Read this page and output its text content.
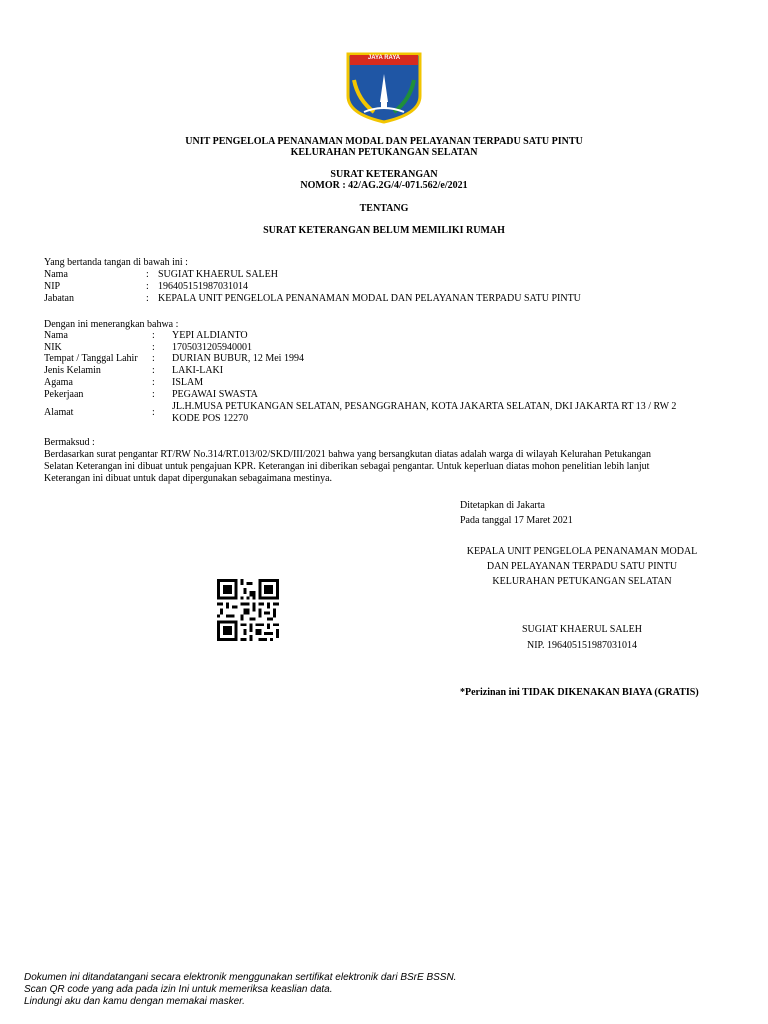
JAYA RAYA
UNIT PENGELOLA PENANAMAN MODAL DAN PELAYANAN TERPADU SATU PINTU
KELURAHAN PETUKANGAN SELATAN
SURAT KETERANGAN
NOMOR : 42/AG.2G/4/-071.562/e/2021
TENTANG
SURAT KETERANGAN BELUM MEMILIKI RUMAH
Yang bertanda tangan di bawah ini :
Nama	: SUGIAT KHAERUL SALEH
NIP	: 196405151987031014
Jabatan	: KEPALA UNIT PENGELOLA PENANAMAN MODAL DAN PELAYANAN TERPADU SATU PINTU
Dengan ini menerangkan bahwa :
Nama	: YEPI ALDIANTO
NIK	: 1705031205940001
Tempat / Tanggal Lahir : DURIAN BUBUR, 12 Mei 1994
Jenis Kelamin	: LAKI-LAKI
Agama	: ISLAM
Pekerjaan	: PEGAWAI SWASTA
Alamat	:
JL.H.MUSA PETUKANGAN SELATAN, PESANGGRAHAN, KOTA JAKARTA SELATAN, DKI JAKARTA RT 13 / RW 2
KODE POS 12270
Bermaksud :
Berdasarkan surat pengantar RT/RW No.314/RT.013/02/SKD/III/2021 bahwa yang bersangkutan diatas adalah warga di wilayah Kelurahan Petukangan
Selatan Keterangan ini dibuat untuk pengajuan KPR. Keterangan ini diberikan sebagai pengantar. Untuk keperluan diatas mohon penelitian lebih lanjut
Keterangan ini dibuat untuk dapat dipergunakan sebagaimana mestinya.
Ditetapkan di Jakarta
Pada tanggal 17 Maret 2021
KEPALA UNIT PENGELOLA PENANAMAN MODAL
DAN PELAYANAN TERPADU SATU PINTU
KELURAHAN PETUKANGAN SELATAN
SUGIAT KHAERUL SALEH
NIP. 196405151987031014
*Perizinan ini TIDAK DIKENAKAN BIAYA (GRATIS)
Dokumen ini ditandatangani secara elektronik menggunakan sertifikat elektronik dari BSrE BSSN.
Scan QR code yang ada pada izin Ini untuk memeriksa keaslian data.
Lindungi aku dan kamu dengan memakai masker.
